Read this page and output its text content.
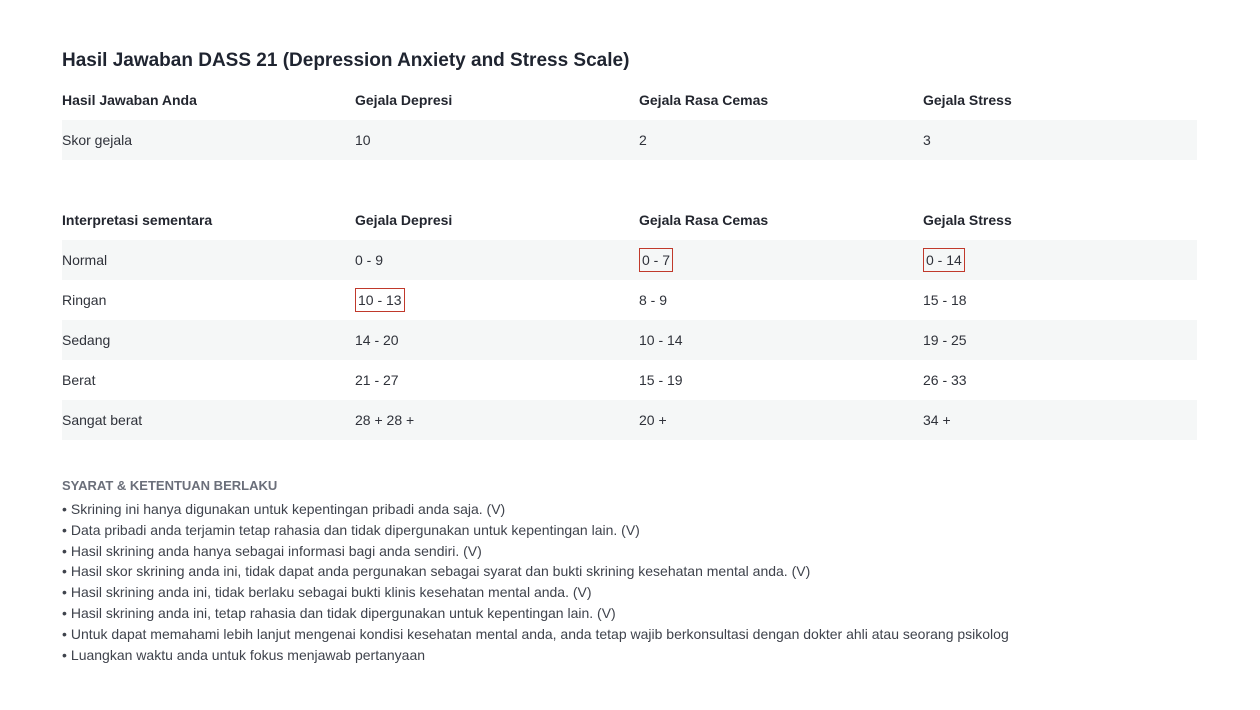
Hasil Jawaban DASS 21 (Depression Anxiety and Stress Scale)
Hasil Jawaban Anda	Gejala Depresi	Gejala Rasa Cemas	Gejala Stress
Skor gejala	10	2	3
Interpretasi sementara	Gejala Depresi	Gejala Rasa Cemas	Gejala Stress
Normal	0 - 9	0 - 7	0 - 14
Ringan	10 - 13	8 - 9	15 - 18
Sedang	14 - 20	10 - 14	19 - 25
Berat	21 - 27	15 - 19	26 - 33
Sangat berat	28 + 28 +	20 +	34 +
SYARAT & KETENTUAN BERLAKU
• Skrining ini hanya digunakan untuk kepentingan pribadi anda saja. (V)
• Data pribadi anda terjamin tetap rahasia dan tidak dipergunakan untuk kepentingan lain. (V)
• Hasil skrining anda hanya sebagai informasi bagi anda sendiri. (V)
• Hasil skor skrining anda ini, tidak dapat anda pergunakan sebagai syarat dan bukti skrining kesehatan mental anda. (V)
• Hasil skrining anda ini, tidak berlaku sebagai bukti klinis kesehatan mental anda. (V)
• Hasil skrining anda ini, tetap rahasia dan tidak dipergunakan untuk kepentingan lain. (V)
• Untuk dapat memahami lebih lanjut mengenai kondisi kesehatan mental anda, anda tetap wajib berkonsultasi dengan dokter ahli atau seorang psikolog
• Luangkan waktu anda untuk fokus menjawab pertanyaan
